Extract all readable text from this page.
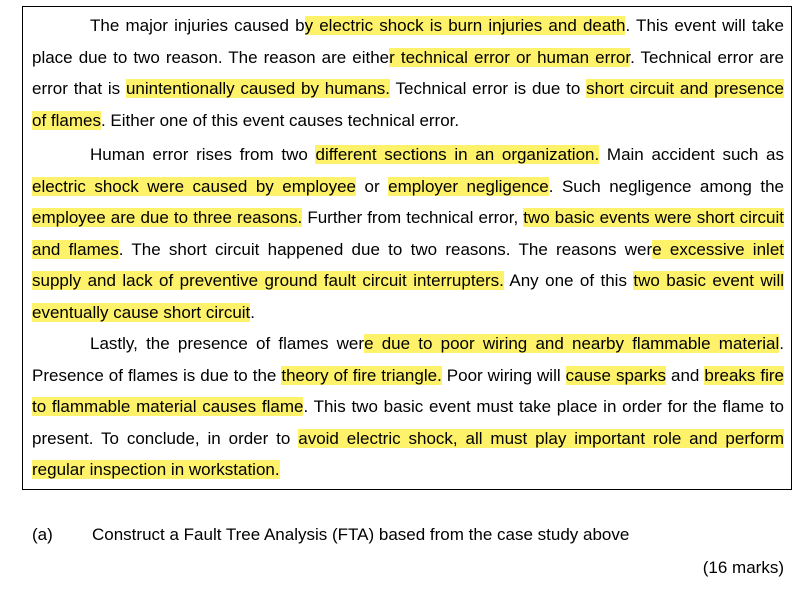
The major injuries caused by electric shock is burn injuries and death. This event will take place due to two reason. The reason are either technical error or human error. Technical error are error that is unintentionally caused by humans. Technical error is due to short circuit and presence of flames. Either one of this event causes technical error.

Human error rises from two different sections in an organization. Main accident such as electric shock were caused by employee or employer negligence. Such negligence among the employee are due to three reasons. Further from technical error, two basic events were short circuit and flames. The short circuit happened due to two reasons. The reasons were excessive inlet supply and lack of preventive ground fault circuit interrupters. Any one of this two basic event will eventually cause short circuit.

Lastly, the presence of flames were due to poor wiring and nearby flammable material. Presence of flames is due to the theory of fire triangle. Poor wiring will cause sparks and breaks fire to flammable material causes flame. This two basic event must take place in order for the flame to present. To conclude, in order to avoid electric shock, all must play important role and perform regular inspection in workstation.

(a) Construct a Fault Tree Analysis (FTA) based from the case study above
(16 marks)
